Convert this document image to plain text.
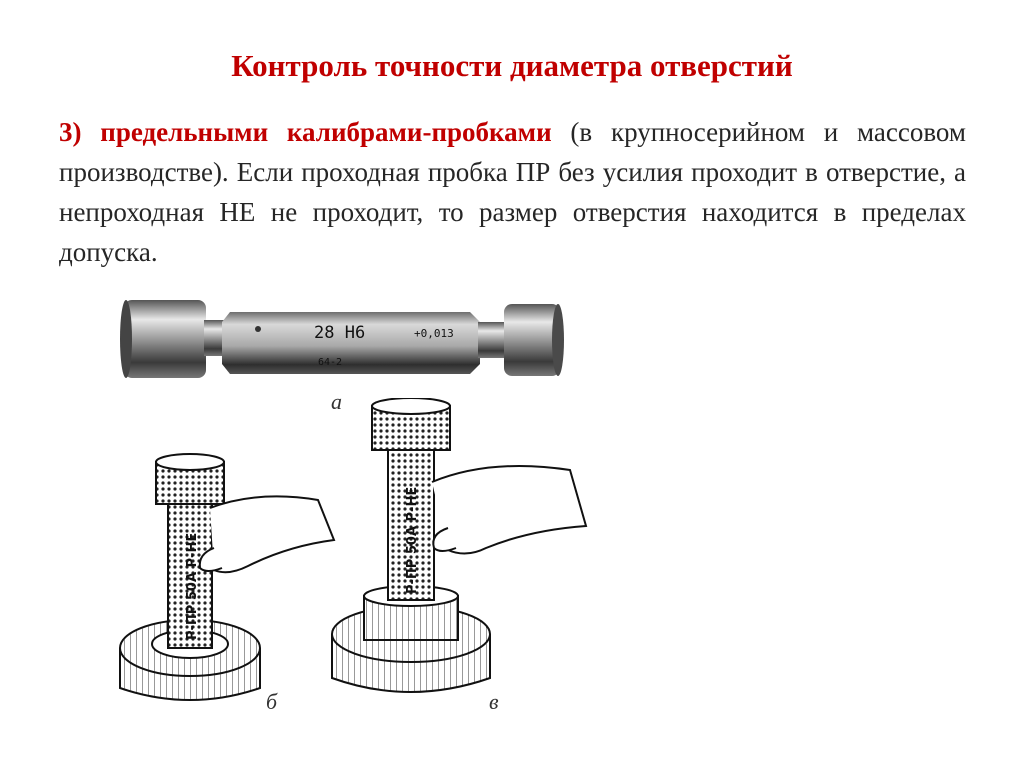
Контроль точности диаметра отверстий

3) предельными калибрами-пробками (в крупносерийном и массовом производстве). Если проходная пробка ПР без усилия проходит в отверстие, а непроходная НЕ не проходит, то размер отверстия находится в пределах допуска.

28 H6	+0,013
64-2
а
Р-ПР 50А Р-НЕ
б
Р-ПР 50А Р-НЕ
в
